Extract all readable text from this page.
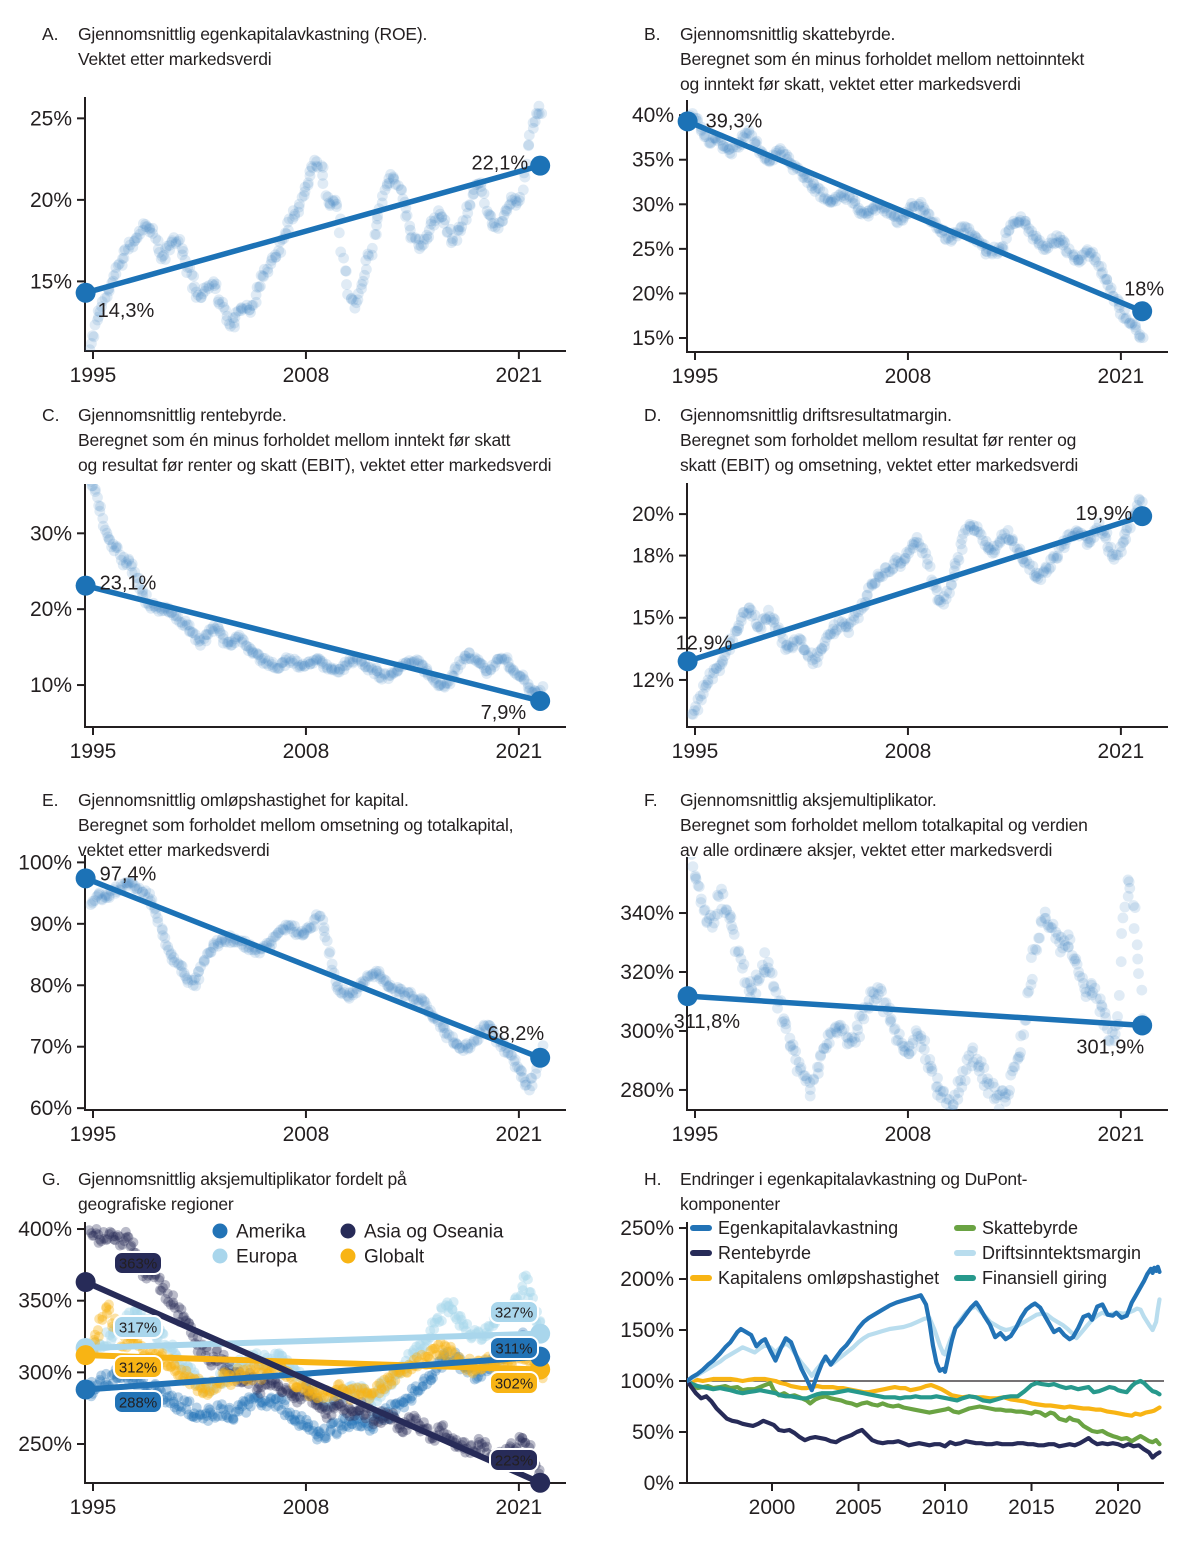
A.	Gjennomsnittlig egenkapitalavkastning (ROE).
Vektet etter markedsverdi
15%
20%
25%
1995	2008	2021
14,3%
22,1%
B.	Gjennomsnittlig skattebyrde.
Beregnet som én minus forholdet mellom nettoinntekt
og inntekt før skatt, vektet etter markedsverdi
15%
20%
25%
30%
35%
40%
1995	2008	2021
39,3%
18%
C.	Gjennomsnittlig rentebyrde.
Beregnet som én minus forholdet mellom inntekt før skatt
og resultat før renter og skatt (EBIT), vektet etter markedsverdi
10%
20%
30%
1995	2008	2021
23,1%
7,9%
D.	Gjennomsnittlig driftsresultatmargin.
Beregnet som forholdet mellom resultat før renter og
skatt (EBIT) og omsetning, vektet etter markedsverdi
12%
15%
18%
20%
1995	2008	2021
12,9%
19,9%
E.	Gjennomsnittlig omløpshastighet for kapital.
Beregnet som forholdet mellom omsetning og totalkapital,
vektet etter markedsverdi
60%
70%
80%
90%
100%
1995	2008	2021
97,4%
68,2%
F.	Gjennomsnittlig aksjemultiplikator.
Beregnet som forholdet mellom totalkapital og verdien
av alle ordinære aksjer, vektet etter markedsverdi
280%
300%
320%
340%
1995	2008	2021
311,8%
301,9%
G.	Gjennomsnittlig aksjemultiplikator fordelt på
geografiske regioner
250%
300%
350%
400%
1995	2008	2021
288%
311%
317%
327%
363%
223%
312%
302%
Amerika	Asia og Oseania
Europa	Globalt
H.	Endringer i egenkapitalavkastning og DuPont-
komponenter
0%
50%
100%
150%
200%
250%
2000 2005 2010 2015 2020
Egenkapitalavkastning
Rentebyrde
Kapitalens omløpshastighet
Skattebyrde
Driftsinntektsmargin
Finansiell giring
